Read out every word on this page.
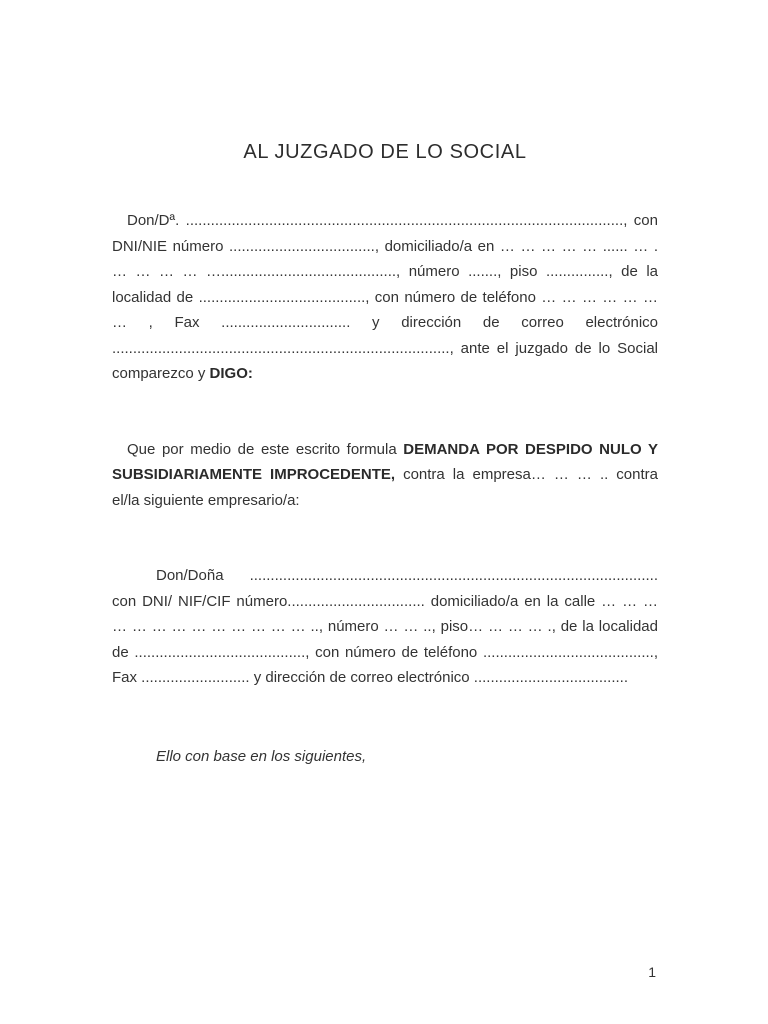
AL JUZGADO DE LO SOCIAL

Don/Dª. ........................................................................................................., con DNI/NIE número ..................................., domiciliado/a en … … … … … ...... … . … … … … ….........................................., número ......., piso ..............., de la localidad de ........................................, con número de teléfono … … … … … … … , Fax ............................... y dirección de correo electrónico ................................................................................., ante el juzgado de lo Social comparezco y DIGO:

Que por medio de este escrito formula DEMANDA POR DESPIDO NULO Y SUBSIDIARIAMENTE IMPROCEDENTE, contra la empresa… … … .. contra el/la siguiente empresario/a:

Don/Doña .................................................................................................. con DNI/ NIF/CIF número................................. domiciliado/a en la calle … … … … … … … … … … … … … .., número … … .., piso… … … … ., de la localidad de ........................................., con número de teléfono ........................................., Fax .......................... y dirección de correo electrónico .....................................

Ello con base en los siguientes,

1
